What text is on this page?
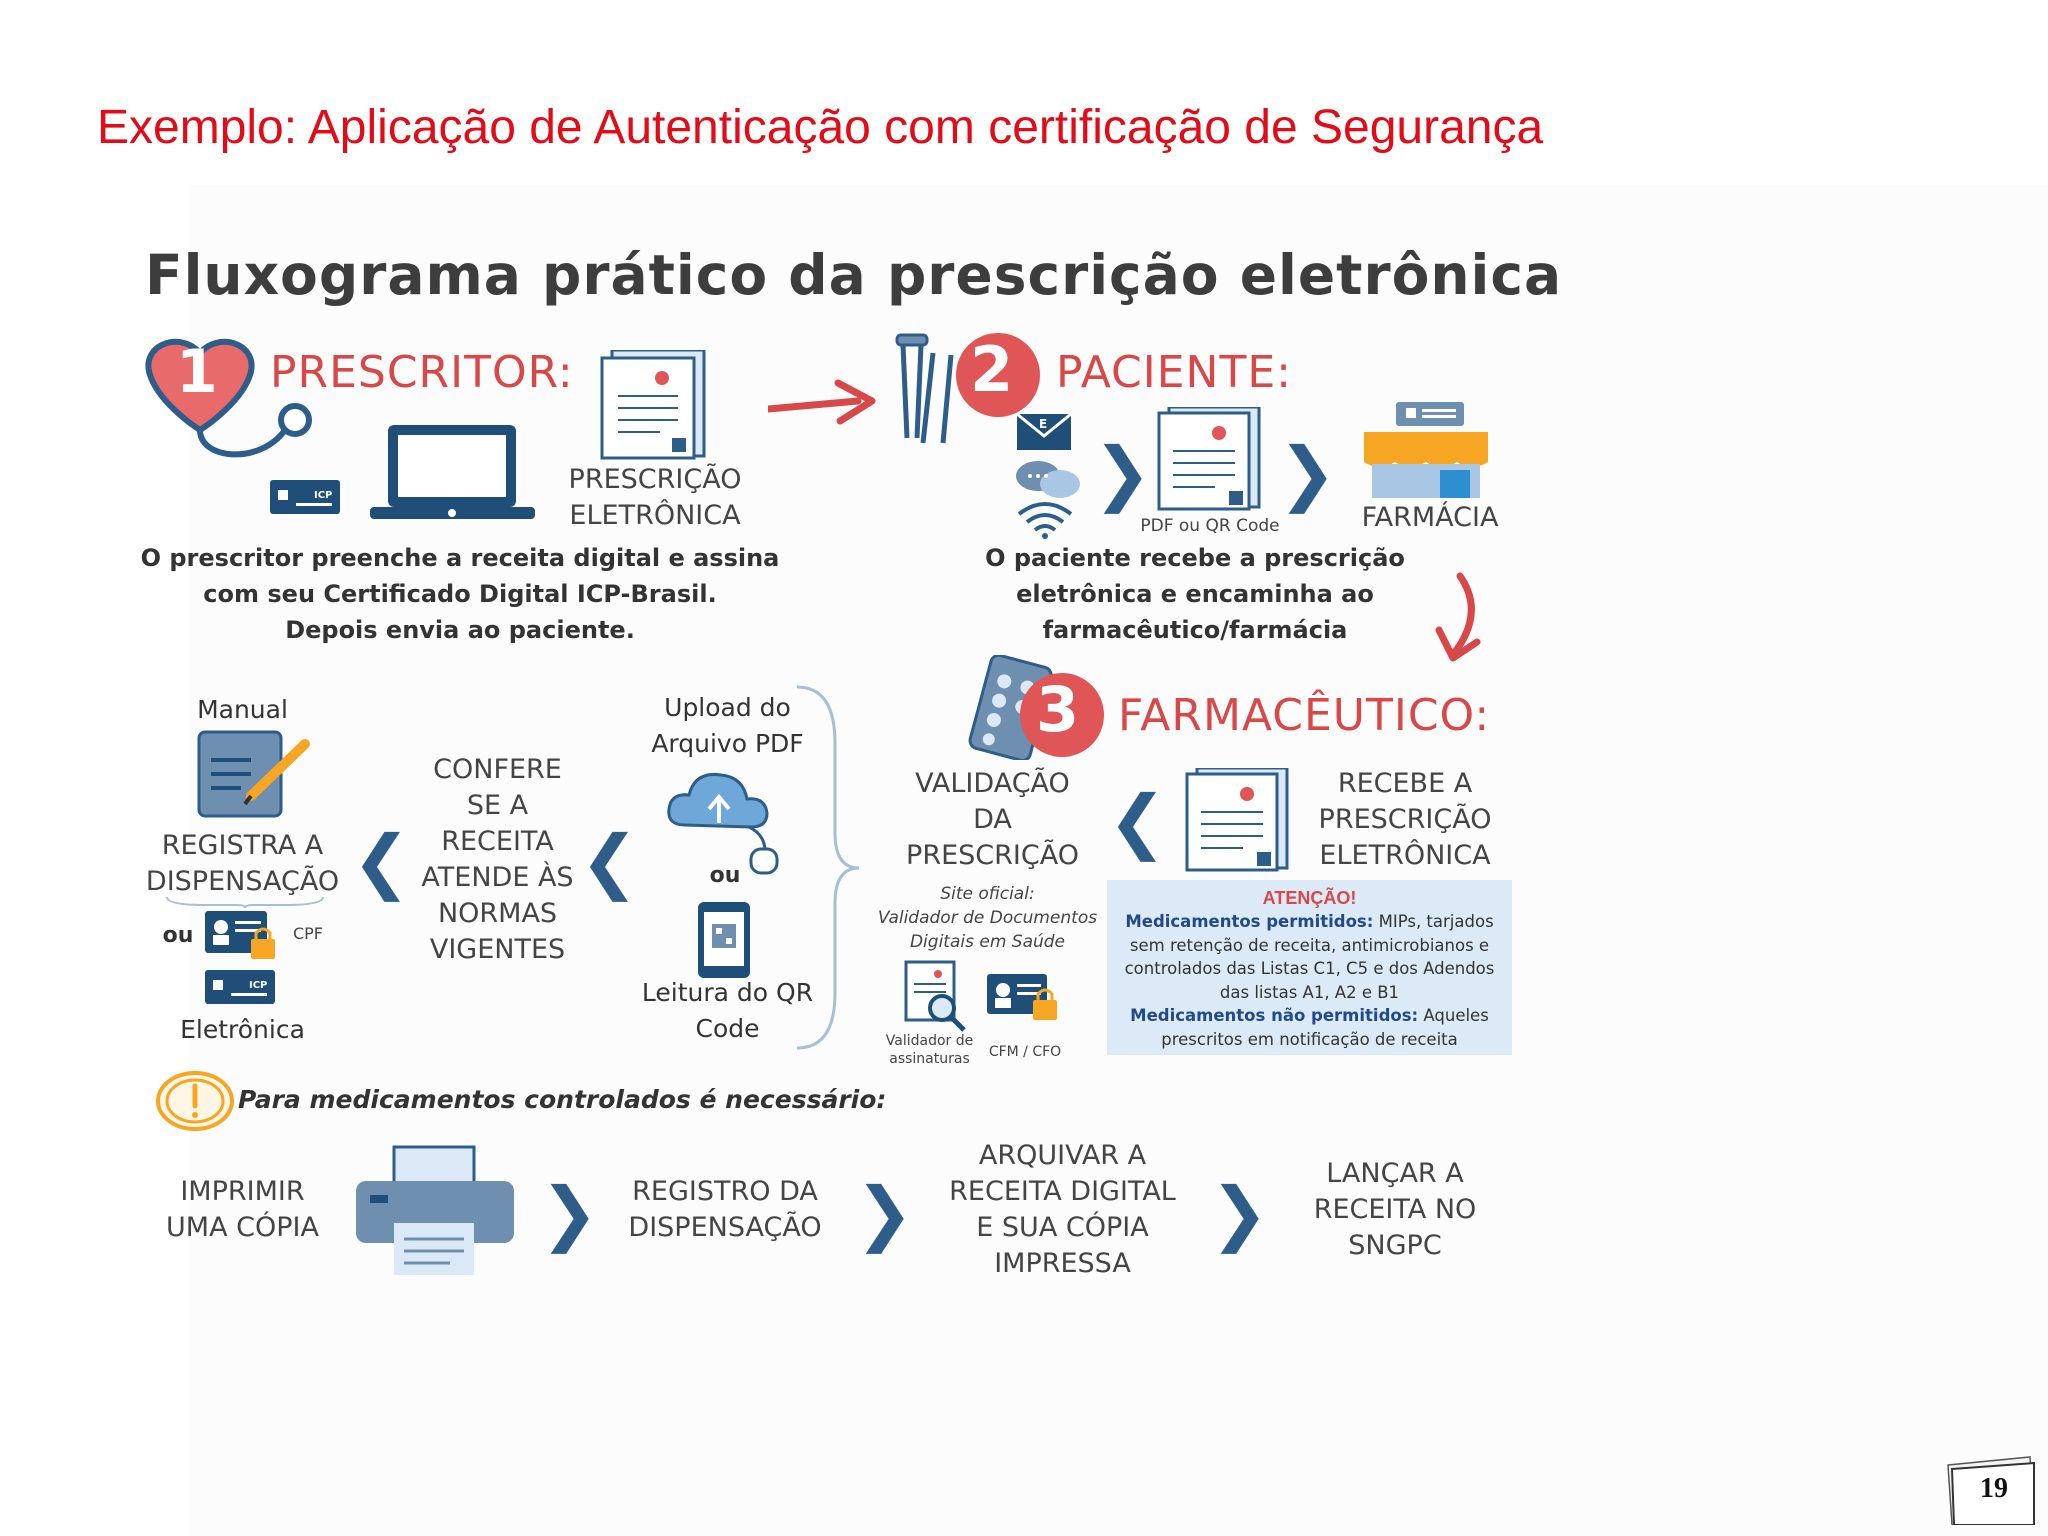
Exemplo: Aplicação de Autenticação com certificação de Segurança
Fluxograma prático da prescrição eletrônica
1 PRESCRITOR:
ICP
PRESCRIÇÃO
ELETRÔNICA
O prescritor preenche a receita digital e assina
com seu Certificado Digital ICP-Brasil.
Depois envia ao paciente.
2 PACIENTE:
E
❯
PDF ou QR Code
❯
FARMÁCIA
O paciente recebe a prescrição
eletrônica e encaminha ao
farmacêutico/farmácia
3 FARMACÊUTICO:
RECEBE A
PRESCRIÇÃO
ELETRÔNICA
❯
VALIDAÇÃO
DA
PRESCRIÇÃO
Site oficial:
Validador de Documentos
Digitais em Saúde
Validador de
assinaturas	CFM / CFO
Upload do
Arquivo PDF
ou
Leitura do QR
Code
❯
CONFERE
SE A
RECEITA
ATENDE ÀS
NORMAS
VIGENTES
❯
Manual
REGISTRA A
DISPENSAÇÃO
ou	CPF
ICP
Eletrônica
ATENÇÃO!
Medicamentos permitidos: MIPs, tarjados sem retenção de receita, antimicrobianos e controlados das Listas C1, C5 e dos Adendos das listas A1, A2 e B1
Medicamentos não permitidos: Aqueles prescritos em notificação de receita
Para medicamentos controlados é necessário:
IMPRIMIR
UMA CÓPIA	❯	REGISTRO DA
DISPENSAÇÃO ❯
ARQUIVAR A
RECEITA DIGITAL
E SUA CÓPIA
IMPRESSA
❯	LANÇAR A
RECEITA NO
SNGPC
19
